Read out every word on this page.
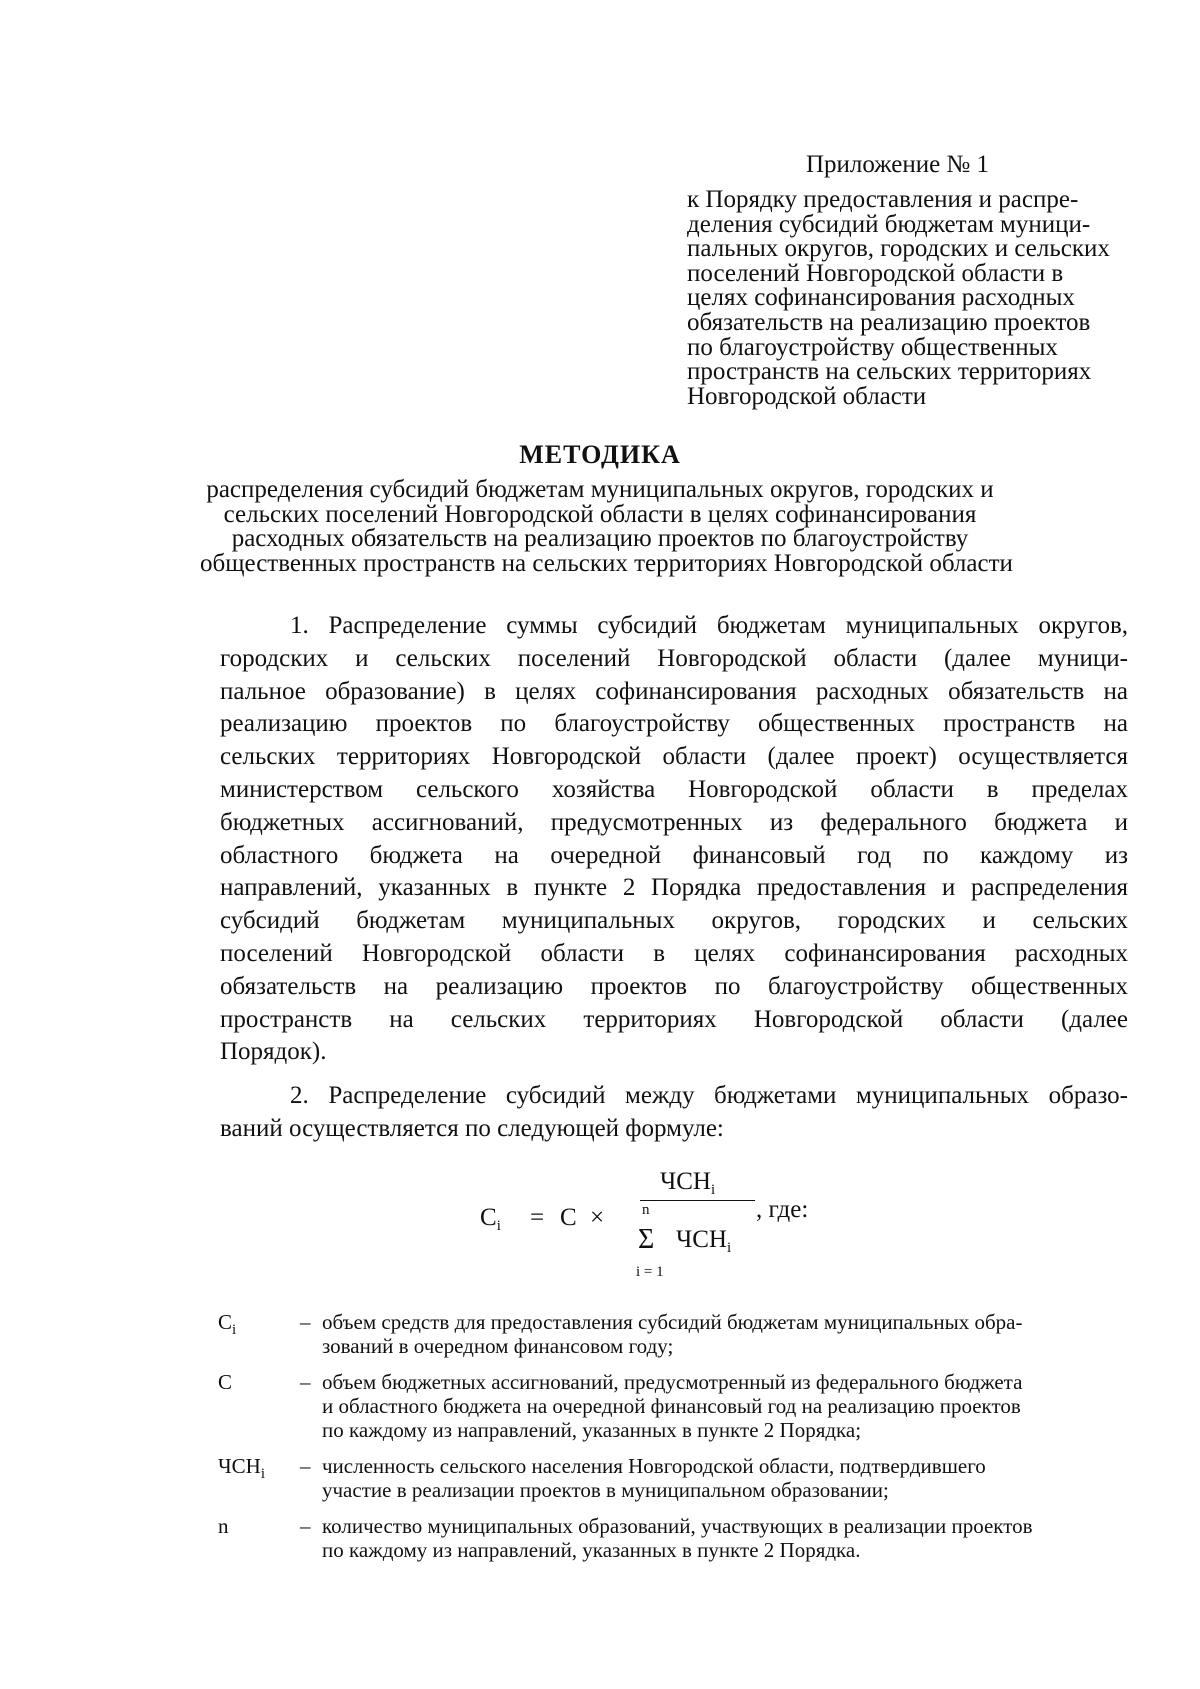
Приложение № 1
к Порядку предоставления и распре-
деления субсидий бюджетам муници-
пальных округов, городских и сельских
поселений Новгородской области в
целях софинансирования расходных
обязательств на реализацию проектов
по благоустройству общественных
пространств на сельских территориях
Новгородской области
МЕТОДИКА
распределения субсидий бюджетам муниципальных округов, городских и
сельских поселений Новгородской области в целях софинансирования
расходных обязательств на реализацию проектов по благоустройству
общественных пространств на сельских территориях Новгородской области
1. Распределение суммы субсидий бюджетам муниципальных округов,
городских и сельских поселений Новгородской области (далее муници-
пальное образование) в целях софинансирования расходных обязательств на
реализацию проектов по благоустройству общественных пространств на
сельских территориях Новгородской области (далее проект) осуществляется
министерством сельского хозяйства Новгородской области в пределах
бюджетных ассигнований, предусмотренных из федерального бюджета и
областного бюджета на очередной финансовый год по каждому из
направлений, указанных в пункте 2 Порядка предоставления и распределения
субсидий бюджетам муниципальных округов, городских и сельских
поселений Новгородской области в целях софинансирования расходных
обязательств на реализацию проектов по благоустройству общественных
пространств на сельских территориях Новгородской области (далее
Порядок).
2. Распределение субсидий между бюджетами муниципальных образо-
ваний осуществляется по следующей формуле:
$C_i = C$ ×
$ЧСН_i$
n
Σ $ЧСН_i$
i = 1
, где:
$C_i$	– объем средств для предоставления субсидий бюджетам муниципальных обра-
зований в очередном финансовом году;
C	– объем бюджетных ассигнований, предусмотренный из федерального бюджета
и областного бюджета на очередной финансовый год на реализацию проектов
по каждому из направлений, указанных в пункте 2 Порядка;
$ЧСН_i$ – численность сельского населения Новгородской области, подтвердившего
участие в реализации проектов в муниципальном образовании;
n	– количество муниципальных образований, участвующих в реализации проектов
по каждому из направлений, указанных в пункте 2 Порядка.
